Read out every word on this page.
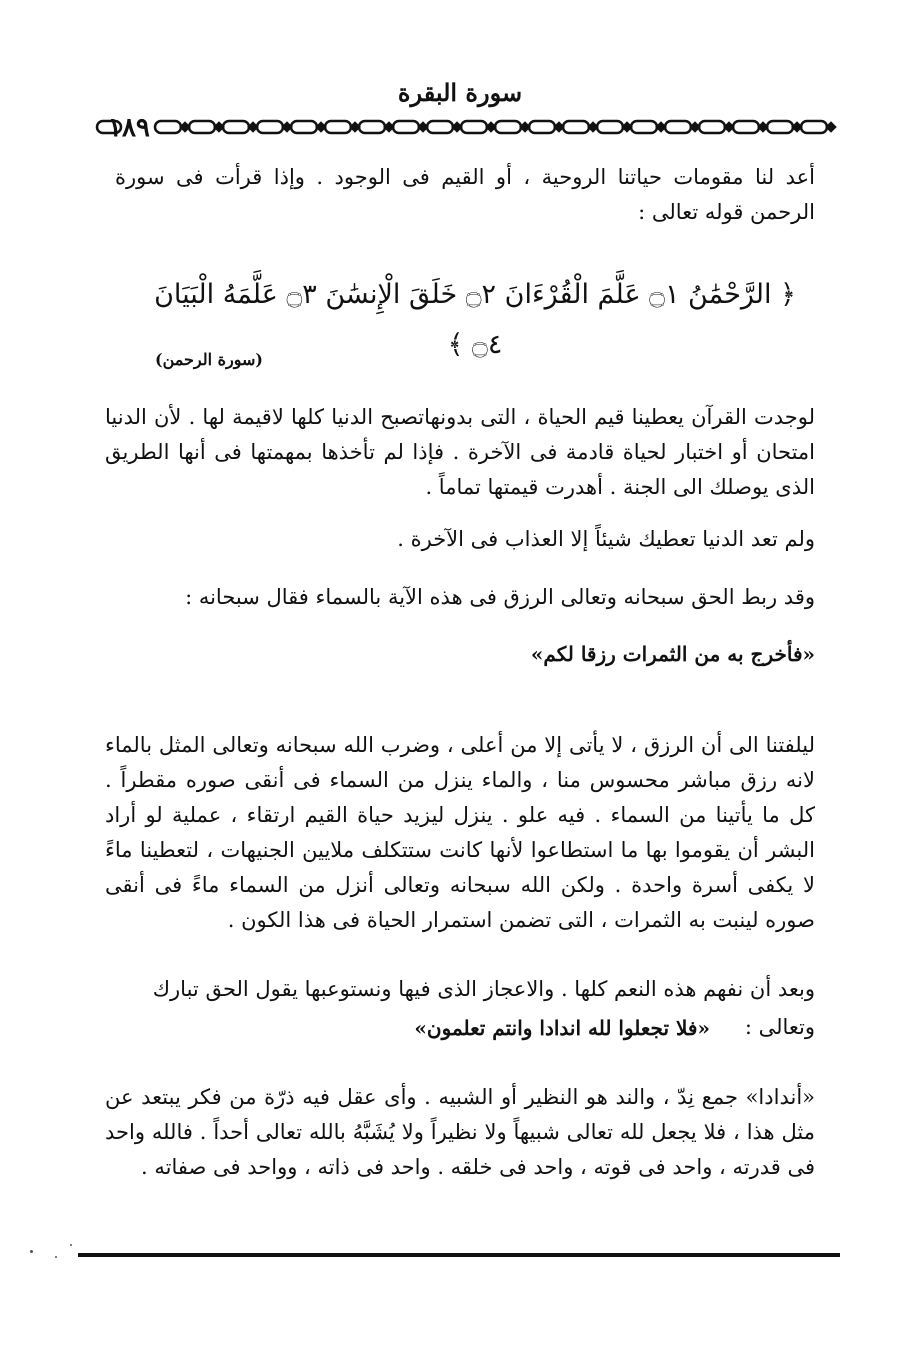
سورة البقرة
١٨٩
أعد لنا مقومات حياتنا الروحية ، أو القيم فى الوجود . وإذا قرأت فى سورة الرحمن قوله تعالى :
﴿ الرَّحْمَٰنُ ۝١ عَلَّمَ الْقُرْءَانَ ۝٢ خَلَقَ الْإِنسَٰنَ ۝٣ عَلَّمَهُ الْبَيَانَ ۝٤ ﴾
(سورة الرحمن)
لوجدت القرآن يعطينا قيم الحياة ، التى بدونهاتصبح الدنيا كلها لاقيمة لها . لأن الدنيا امتحان أو اختبار لحياة قادمة فى الآخرة . فإذا لم تأخذها بمهمتها فى أنها الطريق الذى يوصلك الى الجنة . أهدرت قيمتها تماماً .
ولم تعد الدنيا تعطيك شيئاً إلا العذاب فى الآخرة .
وقد ربط الحق سبحانه وتعالى الرزق فى هذه الآية بالسماء فقال سبحانه :
«فأخرج به من الثمرات رزقا لكم»
ليلفتنا الى أن الرزق ، لا يأتى إلا من أعلى ، وضرب الله سبحانه وتعالى المثل بالماء لانه رزق مباشر محسوس منا ، والماء ينزل من السماء فى أنقى صوره مقطراً . كل ما يأتينا من السماء . فيه علو . ينزل ليزيد حياة القيم ارتقاء ، عملية لو أراد البشر أن يقوموا بها ما استطاعوا لأنها كانت ستتكلف ملايين الجنيهات ، لتعطينا ماءً لا يكفى أسرة واحدة . ولكن الله سبحانه وتعالى أنزل من السماء ماءً فى أنقى صوره لينبت به الثمرات ، التى تضمن استمرار الحياة فى هذا الكون .
وبعد أن نفهم هذه النعم كلها . والاعجاز الذى فيها ونستوعبها يقول الحق تبارك
وتعالى :
«فلا تجعلوا لله اندادا وانتم تعلمون»
«أندادا» جمع نِدّ ، والند هو النظير أو الشبيه . وأى عقل فيه ذرّة من فكر يبتعد عن مثل هذا ، فلا يجعل لله تعالى شبيهاً ولا نظيراً ولا يُشَبَّهُ بالله تعالى أحداً . فالله واحد فى قدرته ، واحد فى قوته ، واحد فى خلقه . واحد فى ذاته ، وواحد فى صفاته .
